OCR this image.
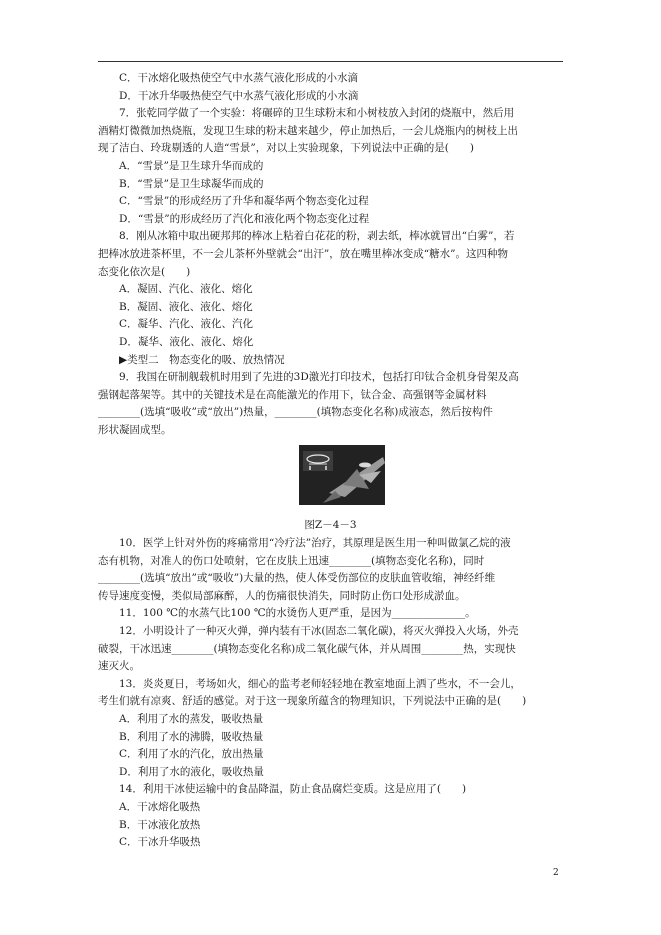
C．干冰熔化吸热使空气中水蒸气液化形成的小水滴
D．干冰升华吸热使空气中水蒸气液化形成的小水滴
7．张乾同学做了一个实验：将碾碎的卫生球粉末和小树枝放入封闭的烧瓶中，然后用
酒精灯微微加热烧瓶，发现卫生球的粉末越来越少，停止加热后，一会儿烧瓶内的树枝上出
现了洁白、玲珑剔透的人造“雪景”，对以上实验现象，下列说法中正确的是(　　)
A．“雪景”是卫生球升华而成的
B．“雪景”是卫生球凝华而成的
C．“雪景”的形成经历了升华和凝华两个物态变化过程
D．“雪景”的形成经历了汽化和液化两个物态变化过程
8．刚从冰箱中取出硬邦邦的棒冰上粘着白花花的粉，剥去纸，棒冰就冒出“白雾”，若
把棒冰放进茶杯里，不一会儿茶杯外壁就会“出汗”，放在嘴里棒冰变成“糖水”。这四种物
态变化依次是(　　)
A．凝固、汽化、液化、熔化
B．凝固、液化、液化、熔化
C．凝华、汽化、液化、汽化
D．凝华、液化、液化、熔化
▶类型二　物态变化的吸、放热情况
9．我国在研制舰载机时用到了先进的3D激光打印技术，包括打印钛合金机身骨架及高
强钢起落架等。其中的关键技术是在高能激光的作用下，钛合金、高强钢等金属材料
________(选填“吸收”或“放出”)热量，________(填物态变化名称)成液态，然后按构件
形状凝固成型。
图Z－4－3
10．医学上针对外伤的疼痛常用“冷疗法”治疗，其原理是医生用一种叫做氯乙烷的液
态有机物，对准人的伤口处喷射，它在皮肤上迅速________(填物态变化名称)，同时
________(选填“放出”或“吸收”)大量的热，使人体受伤部位的皮肤血管收缩，神经纤维
传导速度变慢，类似局部麻醉，人的伤痛很快消失，同时防止伤口处形成淤血。
11．100 ℃的水蒸气比100 ℃的水烫伤人更严重，是因为______________。
12．小明设计了一种灭火弹，弹内装有干冰(固态二氧化碳)，将灭火弹投入火场，外壳
破裂，干冰迅速________(填物态变化名称)成二氧化碳气体，并从周围________热，实现快
速灭火。
13．炎炎夏日，考场如火，细心的监考老师轻轻地在教室地面上洒了些水，不一会儿，
考生们就有凉爽、舒适的感觉。对于这一现象所蕴含的物理知识，下列说法中正确的是(　　)
A．利用了水的蒸发，吸收热量
B．利用了水的沸腾，吸收热量
C．利用了水的汽化，放出热量
D．利用了水的液化，吸收热量
14．利用干冰使运输中的食品降温，防止食品腐烂变质。这是应用了(　　)
A．干冰熔化吸热
B．干冰液化放热
C．干冰升华吸热
2
